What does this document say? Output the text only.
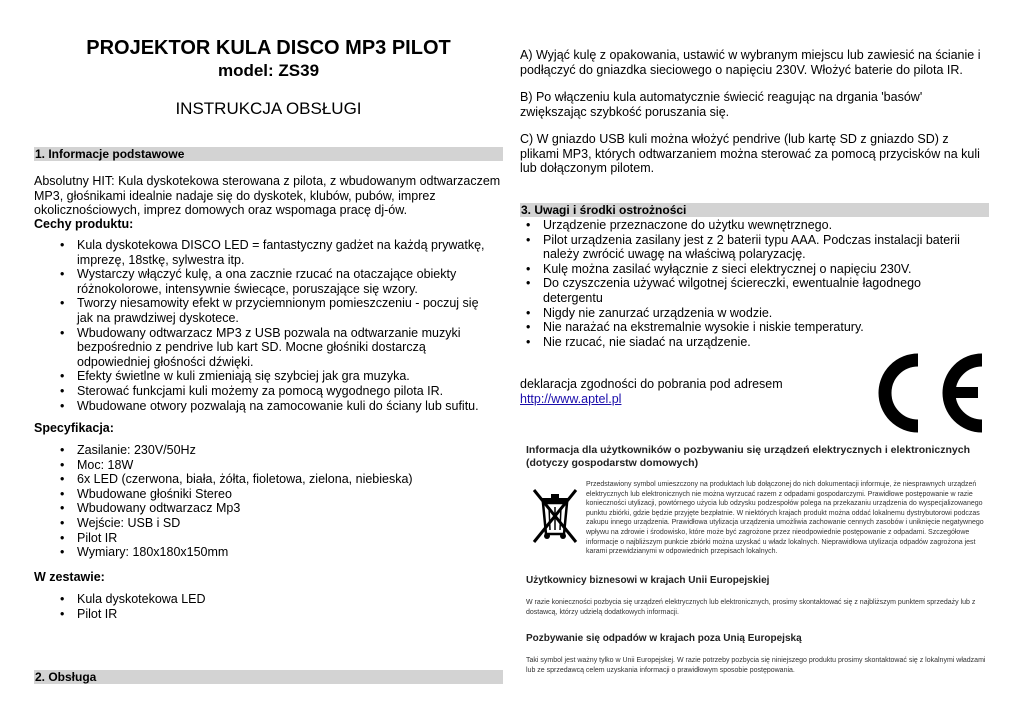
PROJEKTOR KULA DISCO MP3 PILOT
model: ZS39
INSTRUKCJA OBSŁUGI
1. Informacje podstawowe
Absolutny HIT: Kula dyskotekowa sterowana z pilota, z wbudowanym odtwarzaczem MP3, głośnikami idealnie nadaje się do dyskotek, klubów, pubów, imprez okolicznościowych, imprez domowych oraz wspomaga pracę dj-ów.
Cechy produktu:
• Kula dyskotekowa DISCO LED = fantastyczny gadżet na każdą prywatkę, imprezę, 18stkę, sylwestra itp.
• Wystarczy włączyć kulę, a ona zacznie rzucać na otaczające obiekty różnokolorowe, intensywnie świecące, poruszające się wzory.
• Tworzy niesamowity efekt w przyciemnionym pomieszczeniu - poczuj się jak na prawdziwej dyskotece.
• Wbudowany odtwarzacz MP3 z USB pozwala na odtwarzanie muzyki bezpośrednio z pendrive lub kart SD. Mocne głośniki dostarczą odpowiedniej głośności dźwięki.
• Efekty świetlne w kuli zmieniają się szybciej jak gra muzyka.
• Sterować funkcjami kuli możemy za pomocą wygodnego pilota IR.
• Wbudowane otwory pozwalają na zamocowanie kuli do ściany lub sufitu.
Specyfikacja:
• Zasilanie: 230V/50Hz
• Moc: 18W
• 6x LED (czerwona, biała, żółta, fioletowa, zielona, niebieska)
• Wbudowane głośniki Stereo
• Wbudowany odtwarzacz Mp3
• Wejście: USB i SD
• Pilot IR
• Wymiary: 180x180x150mm
W zestawie:
• Kula dyskotekowa LED
• Pilot IR
2. Obsługa
A) Wyjąć kulę z opakowania, ustawić w wybranym miejscu lub zawiesić na ścianie i podłączyć do gniazdka sieciowego o napięciu 230V. Włożyć baterie do pilota IR.
B) Po włączeniu kula automatycznie świecić reagując na drgania 'basów' zwiększając szybkość poruszania się.
C) W gniazdo USB kuli można włożyć pendrive (lub kartę SD z gniazdo SD) z plikami MP3, których odtwarzaniem można sterować za pomocą przycisków na kuli lub dołączonym pilotem.
3. Uwagi i środki ostrożności
• Urządzenie przeznaczone do użytku wewnętrznego.
• Pilot urządzenia zasilany jest z 2 baterii typu AAA. Podczas instalacji baterii należy zwrócić uwagę na właściwą polaryzację.
• Kulę można zasilać wyłącznie z sieci elektrycznej o napięciu 230V.
• Do czyszczenia używać wilgotnej ściereczki, ewentualnie łagodnego detergentu
• Nigdy nie zanurzać urządzenia w wodzie.
• Nie narażać na ekstremalnie wysokie i niskie temperatury.
• Nie rzucać, nie siadać na urządzenie.
deklaracja zgodności do pobrania pod adresem
http://www.aptel.pl
Informacja dla użytkowników o pozbywaniu się urządzeń elektrycznych i elektronicznych (dotyczy gospodarstw domowych)
Przedstawiony symbol umieszczony na produktach lub dołączonej do nich dokumentacji informuje, że niesprawnych urządzeń elektrycznych lub elektronicznych nie można wyrzucać razem z odpadami gospodarczymi. Prawidłowe postępowanie w razie konieczności utylizacji, powtórnego użycia lub odzysku podzespołów polega na przekazaniu urządzenia do wyspecjalizowanego punktu zbiórki, gdzie będzie przyjęte bezpłatnie. W niektórych krajach produkt można oddać lokalnemu dystrybutorowi podczas zakupu innego urządzenia. Prawidłowa utylizacja urządzenia umożliwia zachowanie cennych zasobów i uniknięcie negatywnego wpływu na zdrowie i środowisko, które może być zagrożone przez nieodpowiednie postępowanie z odpadami. Szczegółowe informacje o najbliższym punkcie zbiórki można uzyskać u władz lokalnych. Nieprawidłowa utylizacja odpadów zagrożona jest karami przewidzianymi w odpowiednich przepisach lokalnych.
Użytkownicy biznesowi w krajach Unii Europejskiej
W razie konieczności pozbycia się urządzeń elektrycznych lub elektronicznych, prosimy skontaktować się z najbliższym punktem sprzedaży lub z dostawcą, którzy udzielą dodatkowych informacji.
Pozbywanie się odpadów w krajach poza Unią Europejską
Taki symbol jest ważny tylko w Unii Europejskej. W razie potrzeby pozbycia się niniejszego produktu prosimy skontaktować się z lokalnymi władzami lub ze sprzedawcą celem uzyskania informacji o prawidłowym sposobie postępowania.
